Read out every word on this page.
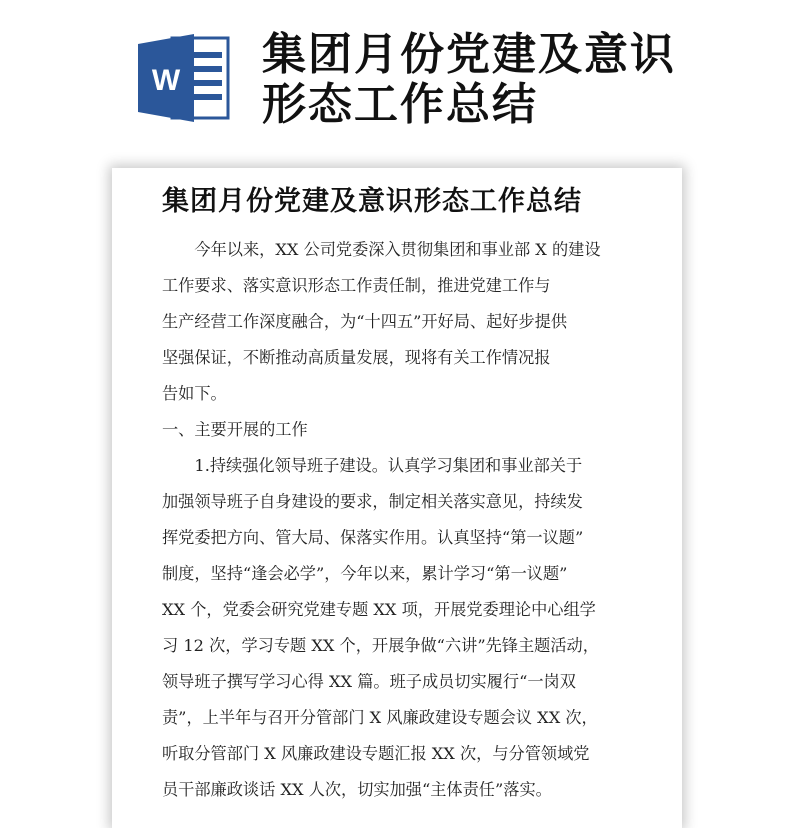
W
集团月份党建及意识
形态工作总结
集团月份党建及意识形态工作总结

今年以来，XX 公司党委深入贯彻集团和事业部 X 的建设

工作要求、落实意识形态工作责任制，推进党建工作与

生产经营工作深度融合，为“十四五”开好局、起好步提供

坚强保证，不断推动高质量发展，现将有关工作情况报

告如下。

一、主要开展的工作

1.持续强化领导班子建设。认真学习集团和事业部关于

加强领导班子自身建设的要求，制定相关落实意见，持续发

挥党委把方向、管大局、保落实作用。认真坚持“第一议题”

制度，坚持“逢会必学”，今年以来，累计学习“第一议题”

XX 个，党委会研究党建专题 XX 项，开展党委理论中心组学

习 12 次，学习专题 XX 个，开展争做“六讲”先锋主题活动，

领导班子撰写学习心得 XX 篇。班子成员切实履行“一岗双

责”，上半年与召开分管部门 X 风廉政建设专题会议 XX 次，

听取分管部门 X 风廉政建设专题汇报 XX 次，与分管领域党

员干部廉政谈话 XX 人次，切实加强“主体责任”落实。
